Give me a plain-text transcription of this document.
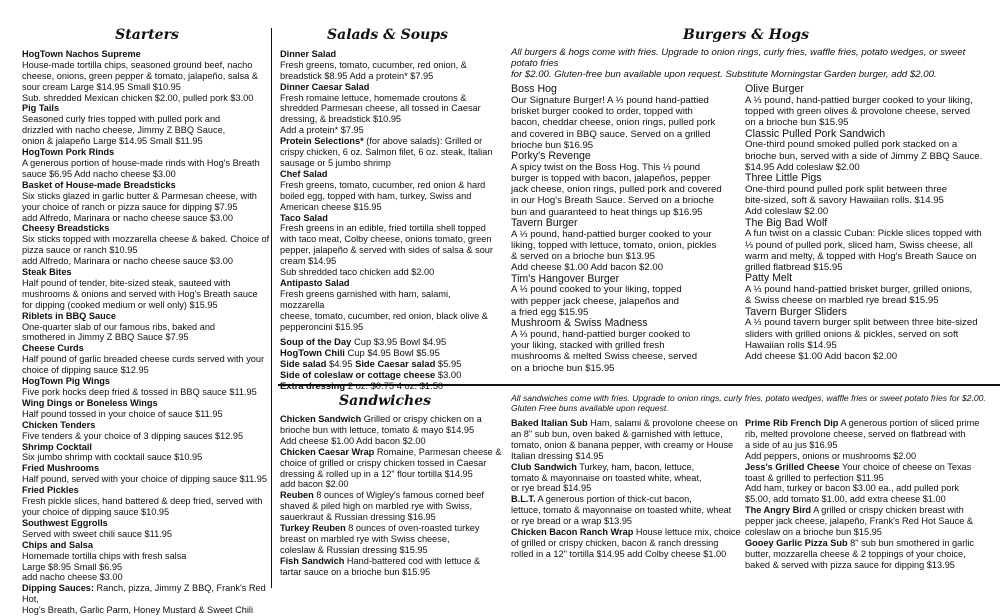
Starters
HogTown Nachos Supreme
House-made tortilla chips, seasoned ground beef, nacho
cheese, onions, green pepper & tomato, jalapeño, salsa &
sour cream Large $14.95 Small $10.95
Sub. shredded Mexican chicken $2.00, pulled pork $3.00
Pig Tails
Seasoned curly fries topped with pulled pork and
drizzled with nacho cheese, Jimmy Z BBQ Sauce,
onion & jalapeño Large $14.95 Small $11.95
HogTown Pork Rinds
A generous portion of house-made rinds with Hog's Breath
sauce $6.95 Add nacho cheese $3.00
Basket of House-made Breadsticks
Six sticks glazed in garlic butter & Parmesan cheese, with
your choice of ranch or pizza sauce for dipping $7.95
add Alfredo, Marinara or nacho cheese sauce $3.00
Cheesy Breadsticks
Six sticks topped with mozzarella cheese & baked. Choice of
pizza sauce or ranch $10.95
add Alfredo, Marinara or nacho cheese sauce $3.00
Steak Bites
Half pound of tender, bite-sized steak, sauteed with
mushrooms & onions and served with Hog's Breath sauce
for dipping (cooked medium or well only) $15.95
Riblets in BBQ Sauce
One-quarter slab of our famous ribs, baked and
smothered in Jimmy Z BBQ Sauce $7.95
Cheese Curds
Half pound of garlic breaded cheese curds served with your
choice of dipping sauce $12.95
HogTown Pig Wings
Five pork hocks deep fried & tossed in BBQ sauce $11.95
Wing Dings or Boneless Wings
Half pound tossed in your choice of sauce $11.95
Chicken Tenders
Five tenders & your choice of 3 dipping sauces $12.95
Shrimp Cocktail
Six jumbo shrimp with cocktail sauce $10.95
Fried Mushrooms
Half pound, served with your choice of dipping sauce $11.95
Fried Pickles
Fresh pickle slices, hand battered & deep fried, served with
your choice of dipping sauce $10.95
Southwest Eggrolls
Served with sweet chili sauce $11.95
Chips and Salsa
Homemade tortilla chips with fresh salsa
Large $8.95 Small $6.95
add nacho cheese $3.00
Dipping Sauces: Ranch, pizza, Jimmy Z BBQ, Frank's Red Hot,
Hog's Breath, Garlic Parm, Honey Mustard & Sweet Chili
Salads & Soups
Dinner Salad
Fresh greens, tomato, cucumber, red onion, &
breadstick $8.95 Add a protein* $7.95
Dinner Caesar Salad
Fresh romaine lettuce, homemade croutons &
shredded Parmesan cheese, all tossed in Caesar
dressing, & breadstick $10.95
Add a protein* $7.95
Protein Selections* (for above salads): Grilled or
crispy chicken, 6 oz. Salmon filet, 6 oz. steak, Italian
sausage or 5 jumbo shrimp

Chef Salad
Fresh greens, tomato, cucumber, red onion & hard
boiled egg, topped with ham, turkey, Swiss and
American cheese $15.95
Taco Salad
Fresh greens in an edible, fried tortilla shell topped
with taco meat, Colby cheese, onions tomato, green
pepper, jalapeño & served with sides of salsa & sour
cream $14.95
Sub shredded taco chicken add $2.00
Antipasto Salad
Fresh greens garnished with ham, salami, mozzarella
cheese, tomato, cucumber, red onion, black olive &
pepperoncini $15.95
Soup of the Day Cup $3.95 Bowl $4.95
HogTown Chili Cup $4.95 Bowl $5.95
Side salad $4.95 Side Caesar salad $5.95
Side of coleslaw or cottage cheese $3.00
Burgers & Hogs
All burgers & hogs come with fries. Upgrade to onion rings, curly fries, waffle fries, potato wedges, or sweet potato fries
for $2.00. Gluten-free bun available upon request. Substitute Morningstar Garden burger, add $2.00.
Boss Hog
Our Signature Burger! A ⅓ pound hand-pattied
brisket burger cooked to order, topped with
bacon, cheddar cheese, onion rings, pulled pork
and covered in BBQ sauce. Served on a grilled
brioche bun $16.95
Porky's Revenge
A spicy twist on the Boss Hog. This ⅓ pound
burger is topped with bacon, jalapeños, pepper
jack cheese, onion rings, pulled pork and covered
in our Hog's Breath Sauce. Served on a brioche
bun and guaranteed to heat things up $16.95
Tavern Burger
A ⅓ pound, hand-pattied burger cooked to your
liking, topped with lettuce, tomato, onion, pickles
& served on a brioche bun $13.95
Add cheese $1.00 Add bacon $2.00
Tim's Hangover Burger
A ⅓ pound cooked to your liking, topped
with pepper jack cheese, jalapeños and
a fried egg $15.95
Mushroom & Swiss Madness
A ⅓ pound, hand-pattied burger cooked to
your liking, stacked with grilled fresh
mushrooms & melted Swiss cheese, served
on a brioche bun $15.95
Olive Burger
A ⅓ pound, hand-pattied burger cooked to your liking,
topped with green olives & provolone cheese, served
on a brioche bun $15.95
Classic Pulled Pork Sandwich
One-third pound smoked pulled pork stacked on a
brioche bun, served with a side of Jimmy Z BBQ Sauce.
$14.95 Add coleslaw $2.00
Three Little Pigs
One-third pound pulled pork split between three
bite-sized, soft & savory Hawaiian rolls. $14.95
Add coleslaw $2.00
The Big Bad Wolf
A fun twist on a classic Cuban: Pickle slices topped with
⅓ pound of pulled pork, sliced ham, Swiss cheese, all
warm and melty, & topped with Hog's Breath Sauce on
grilled flatbread $15.95
Patty Melt
A ⅓ pound hand-pattied brisket burger, grilled onions,
& Swiss cheese on marbled rye bread $15.95
Tavern Burger Sliders
A ⅓ pound tavern burger split between three bite-sized
sliders with grilled onions & pickles, served on soft
Hawaiian rolls $14.95
Add cheese $1.00 Add bacon $2.00
Sandwiches	All sandwiches come with fries. Upgrade to onion rings, curly fries, potato wedges, waffle fries or sweet potato fries for $2.00.
Gluten Free buns available upon request.
Chicken Sandwich Grilled or crispy chicken on a
brioche bun with lettuce, tomato & mayo $14.95
Add cheese $1.00 Add bacon $2.00
Chicken Caesar Wrap Romaine, Parmesan cheese &
choice of grilled or crispy chicken tossed in Caesar
dressing & rolled up in a 12" flour tortilla $14.95
add bacon $2.00
Reuben 8 ounces of Wigley's famous corned beef
shaved & piled high on marbled rye with Swiss,
sauerkraut & Russian dressing $16.95
Turkey Reuben 8 ounces of oven-roasted turkey
breast on marbled rye with Swiss cheese,
coleslaw & Russian dressing $15.95
Fish Sandwich Hand-battered cod with lettuce &
tartar sauce on a brioche bun $15.95
Baked Italian Sub Ham, salami & provolone cheese on
an 8" sub bun, oven baked & garnished with lettuce,
tomato, onion & banana pepper, with creamy or House
Italian dressing $14.95
Club Sandwich Turkey, ham, bacon, lettuce,
tomato & mayonnaise on toasted white, wheat,
or rye bread $14.95
B.L.T. A generous portion of thick-cut bacon,
lettuce, tomato & mayonnaise on toasted white, wheat
or rye bread or a wrap $13.95
Chicken Bacon Ranch Wrap House lettuce mix, choice
of grilled or crispy chicken, bacon & ranch dressing
rolled in a 12" tortilla $14.95 add Colby cheese $1.00
Prime Rib French Dip A generous portion of sliced prime
rib, melted provolone cheese, served on flatbread with
a side of au jus $16.95
Add peppers, onions or mushrooms $2.00
Jess's Grilled Cheese Your choice of cheese on Texas
toast & grilled to perfection $11.95
Add ham, turkey or bacon $3.00 ea., add pulled pork
$5.00, add tomato $1.00, add extra cheese $1.00
The Angry Bird A grilled or crispy chicken breast with
pepper jack cheese, jalapeño, Frank's Red Hot Sauce &
coleslaw on a brioche bun $15.95
Gooey Garlic Pizza Sub 8" sub bun smothered in garlic
butter, mozzarella cheese & 2 toppings of your choice,
baked & served with pizza sauce for dipping $13.95
